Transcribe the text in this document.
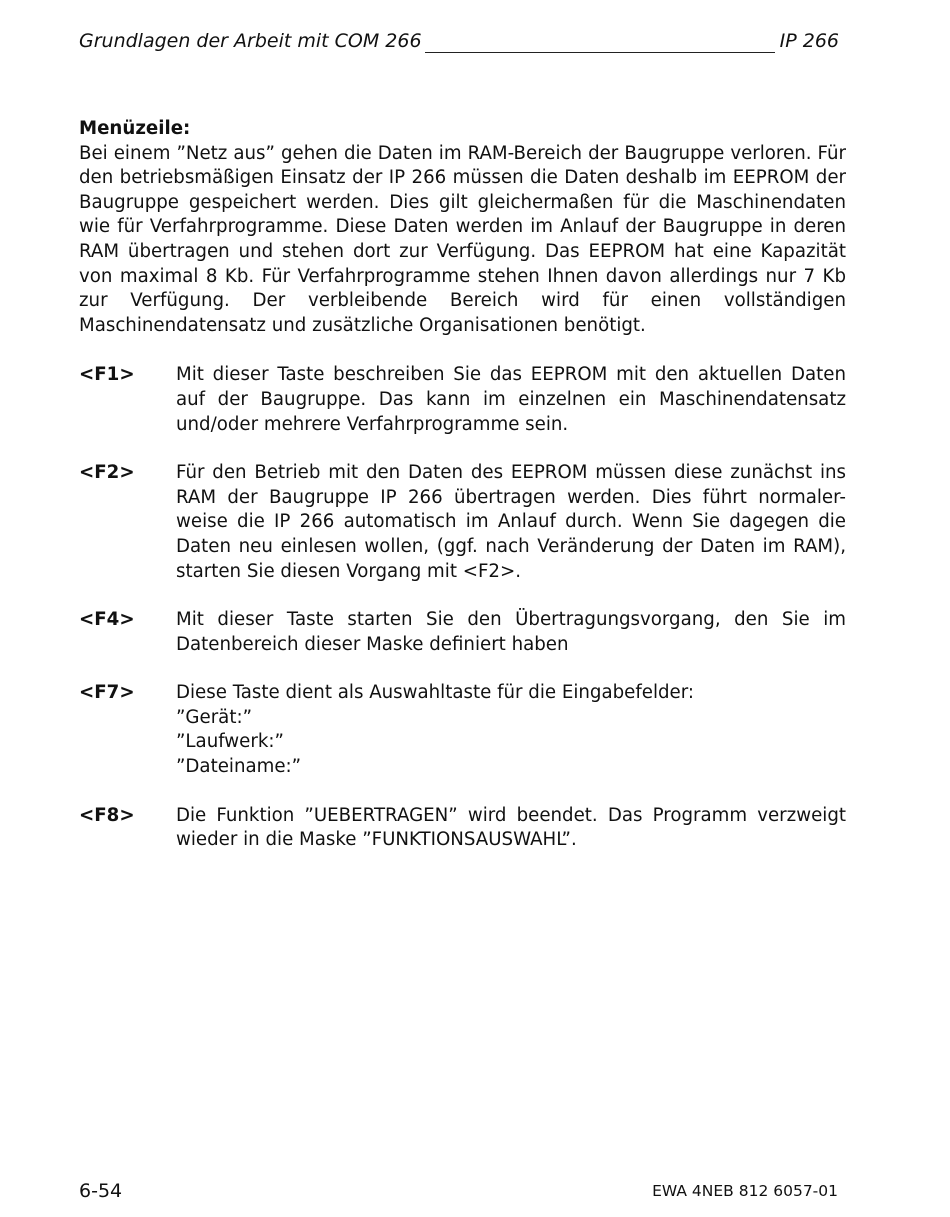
Grundlagen der Arbeit mit COM 266	IP 266

Menüzeile:

Bei einem ”Netz aus” gehen die Daten im RAM-Bereich der Baugruppe verloren. Für den betriebsmäßigen Einsatz der IP 266 müssen die Daten deshalb im EEPROM der Baugruppe gespeichert werden. Dies gilt gleichermaßen für die Maschinendaten wie für Verfahrprogramme. Diese Daten werden im Anlauf der Baugruppe in deren RAM übertragen und stehen dort zur Verfügung. Das EEPROM hat eine Kapazität von maximal 8 Kb. Für Verfahrprogramme stehen Ihnen davon allerdings nur 7 Kb zur Verfügung. Der verbleibende Bereich wird für einen vollständigen Maschinendatensatz und zusätzliche Organisationen benötigt.

<F1>	Mit dieser Taste beschreiben Sie das EEPROM mit den aktuellen Daten auf der Baugruppe. Das kann im einzelnen ein Maschinendatensatz und/oder mehrere Verfahrprogramme sein.
<F2>	Für den Betrieb mit den Daten des EEPROM müssen diese zunächst ins RAM der Baugruppe IP 266 übertragen werden. Dies führt normaler-weise die IP 266 automatisch im Anlauf durch. Wenn Sie dagegen die Daten neu einlesen wollen, (ggf. nach Veränderung der Daten im RAM), starten Sie diesen Vorgang mit <F2>.
<F4>	Mit dieser Taste starten Sie den Übertragungsvorgang, den Sie im Datenbereich dieser Maske definiert haben
<F7>	Diese Taste dient als Auswahltaste für die Eingabefelder:
”Gerät:”
”Laufwerk:”
”Dateiname:”
<F8>	Die Funktion ”UEBERTRAGEN” wird beendet. Das Programm verzweigt wieder in die Maske ”FUNKTIONSAUSWAHL”.
6-54	EWA 4NEB 812 6057-01
